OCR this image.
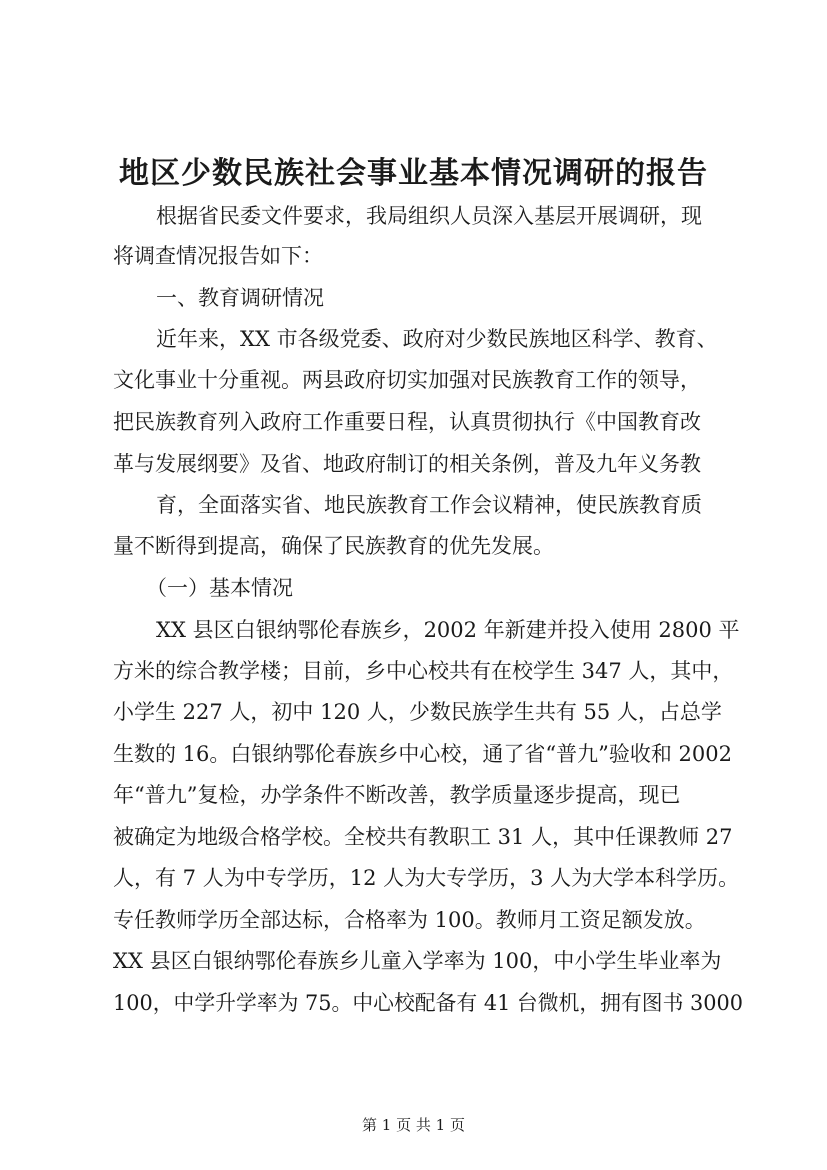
地区少数民族社会事业基本情况调研的报告
根据省民委文件要求，我局组织人员深入基层开展调研，现
将调查情况报告如下：
一、教育调研情况
近年来，XX 市各级党委、政府对少数民族地区科学、教育、
文化事业十分重视。两县政府切实加强对民族教育工作的领导，
把民族教育列入政府工作重要日程，认真贯彻执行《中国教育改
革与发展纲要》及省、地政府制订的相关条例，普及九年义务教
育，全面落实省、地民族教育工作会议精神，使民族教育质
量不断得到提高，确保了民族教育的优先发展。
（一）基本情况
XX 县区白银纳鄂伦春族乡，2002 年新建并投入使用 2800 平
方米的综合教学楼；目前，乡中心校共有在校学生 347 人，其中，
小学生 227 人，初中 120 人，少数民族学生共有 55 人，占总学
生数的 16。白银纳鄂伦春族乡中心校，通了省“普九”验收和 2002
年“普九”复检，办学条件不断改善，教学质量逐步提高，现已
被确定为地级合格学校。全校共有教职工 31 人，其中任课教师 27
人，有 7 人为中专学历，12 人为大专学历，3 人为大学本科学历。
专任教师学历全部达标，合格率为 100。教师月工资足额发放。
XX 县区白银纳鄂伦春族乡儿童入学率为 100，中小学生毕业率为
100，中学升学率为 75。中心校配备有 41 台微机，拥有图书 3000
第 1 页 共 1 页
